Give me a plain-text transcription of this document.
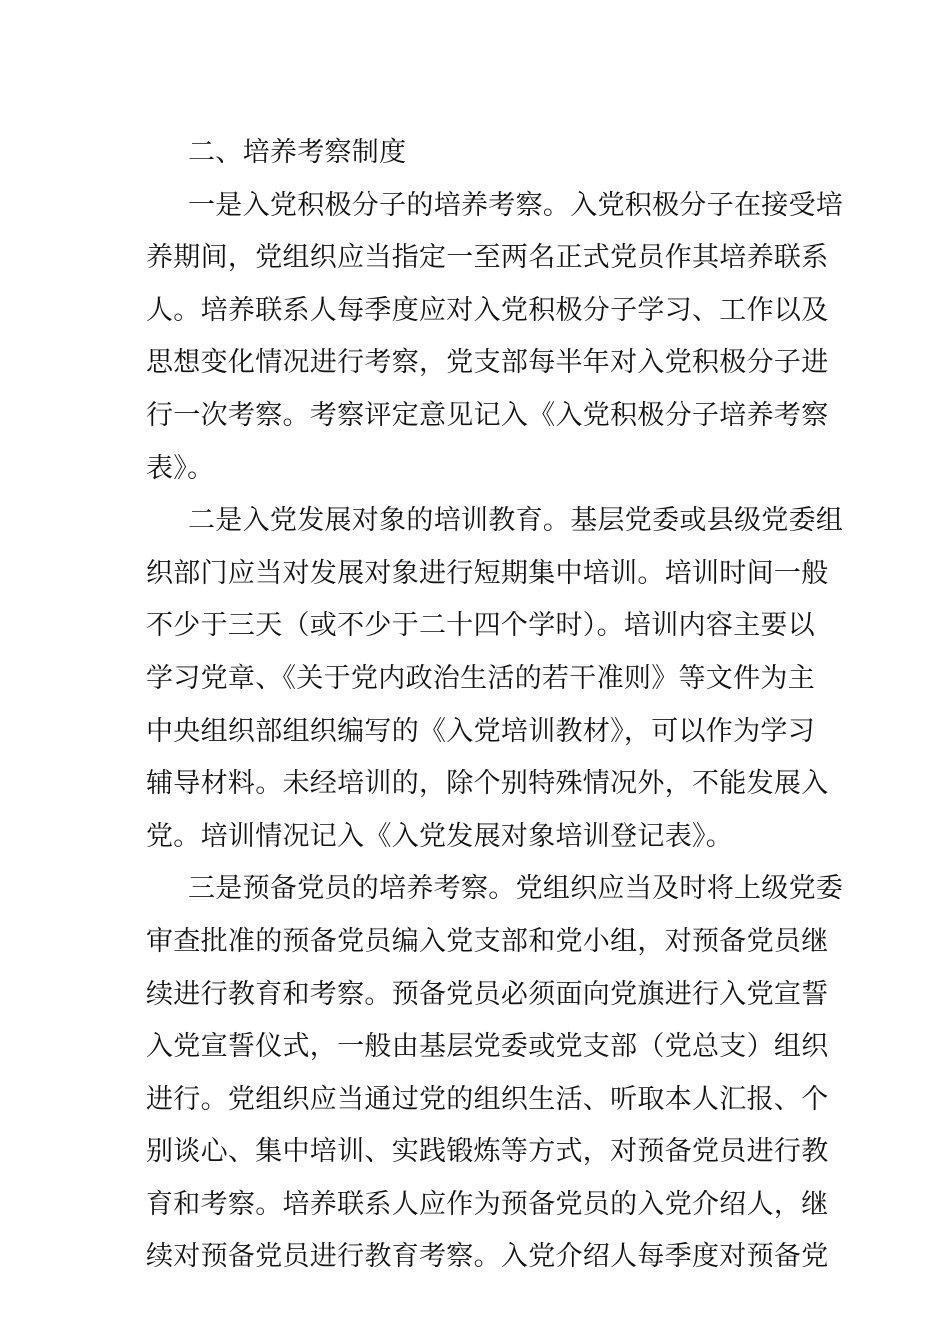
二、培养考察制度
一是入党积极分子的培养考察。入党积极分子在接受培
养期间，党组织应当指定一至两名正式党员作其培养联系
人。培养联系人每季度应对入党积极分子学习、工作以及
思想变化情况进行考察，党支部每半年对入党积极分子进
行一次考察。考察评定意见记入《入党积极分子培养考察
表》。
二是入党发展对象的培训教育。基层党委或县级党委组
织部门应当对发展对象进行短期集中培训。培训时间一般
不少于三天（或不少于二十四个学时）。培训内容主要以
学习党章、《关于党内政治生活的若干准则》等文件为主
中央组织部组织编写的《入党培训教材》，可以作为学习
辅导材料。未经培训的，除个别特殊情况外，不能发展入
党。培训情况记入《入党发展对象培训登记表》。
三是预备党员的培养考察。党组织应当及时将上级党委
审查批准的预备党员编入党支部和党小组，对预备党员继
续进行教育和考察。预备党员必须面向党旗进行入党宣誓
入党宣誓仪式，一般由基层党委或党支部（党总支）组织
进行。党组织应当通过党的组织生活、听取本人汇报、个
别谈心、集中培训、实践锻炼等方式，对预备党员进行教
育和考察。培养联系人应作为预备党员的入党介绍人，继
续对预备党员进行教育考察。入党介绍人每季度对预备党
